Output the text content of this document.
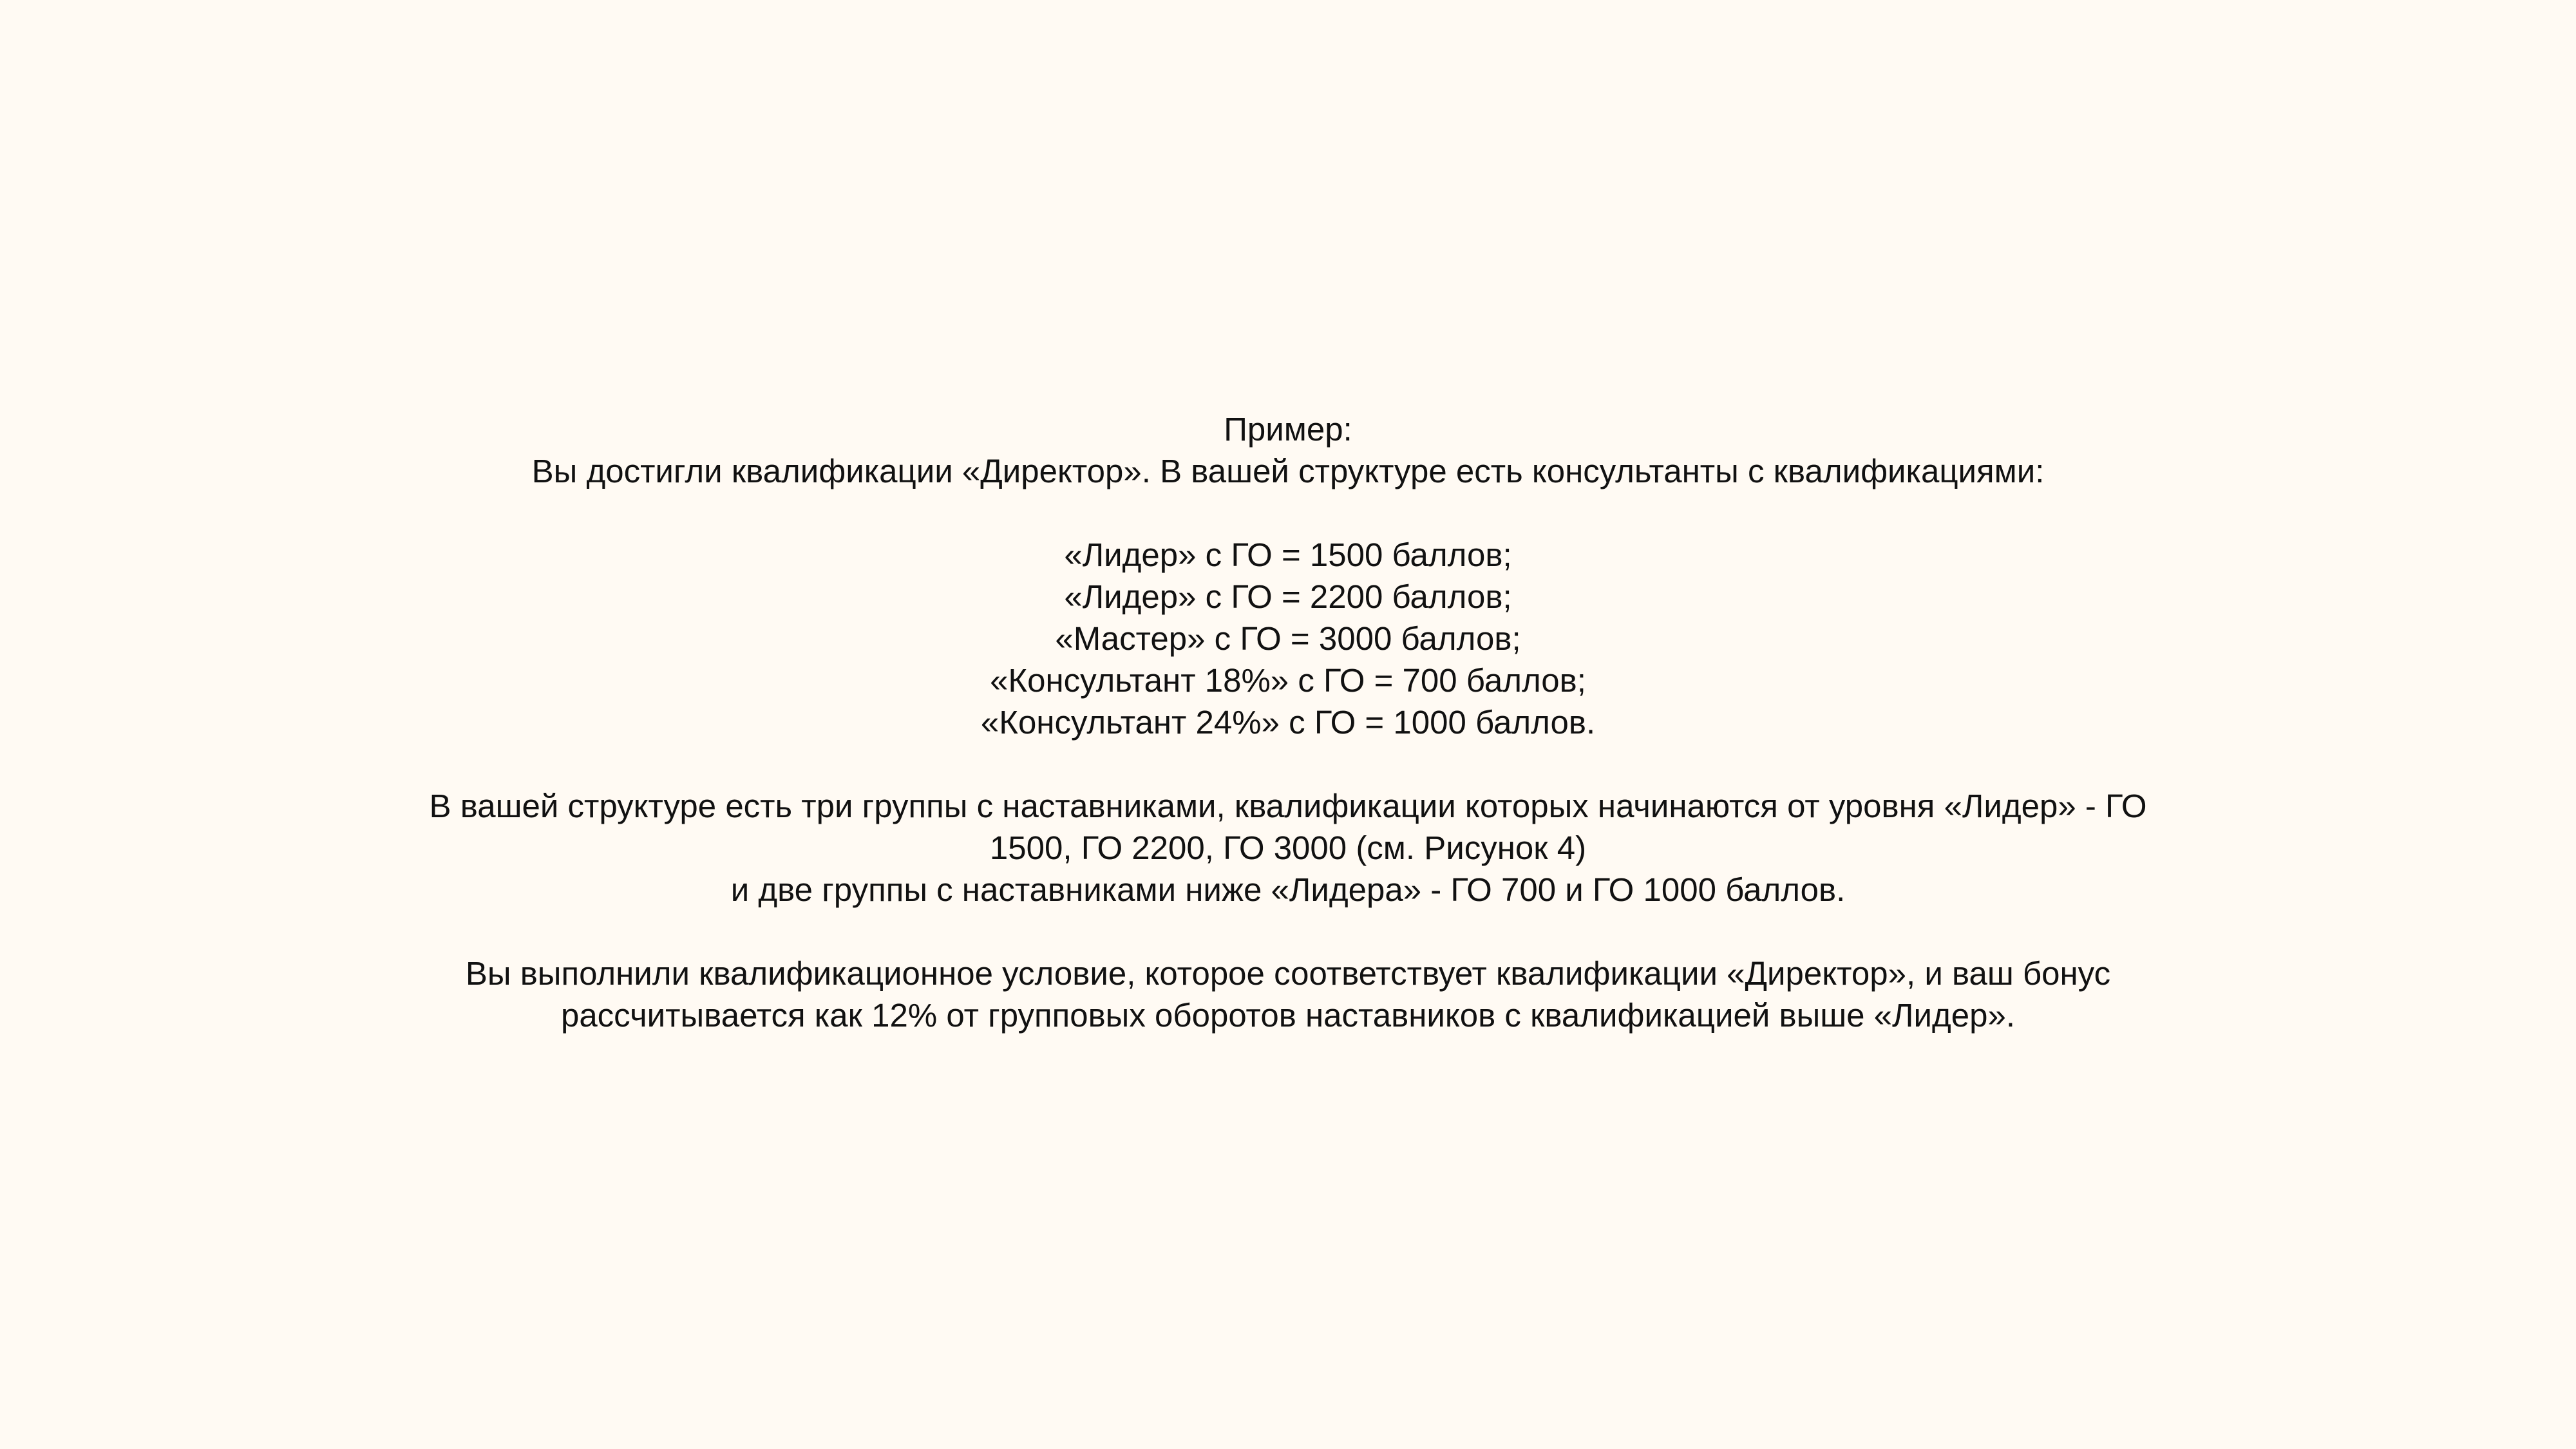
Пример:
Вы достигли квалификации «Директор». В вашей структуре есть консультанты с квалификациями:
«Лидер» с ГО = 1500 баллов;
«Лидер» с ГО = 2200 баллов;
«Мастер» с ГО = 3000 баллов;
«Консультант 18%» с ГО = 700 баллов;
«Консультант 24%» с ГО = 1000 баллов.
В вашей структуре есть три группы с наставниками, квалификации которых начинаются от уровня «Лидер» - ГО
1500, ГО 2200, ГО 3000 (см. Рисунок 4)
и две группы с наставниками ниже «Лидера» - ГО 700 и ГО 1000 баллов.
Вы выполнили квалификационное условие, которое соответствует квалификации «Директор», и ваш бонус
рассчитывается как 12% от групповых оборотов наставников с квалификацией выше «Лидер».
